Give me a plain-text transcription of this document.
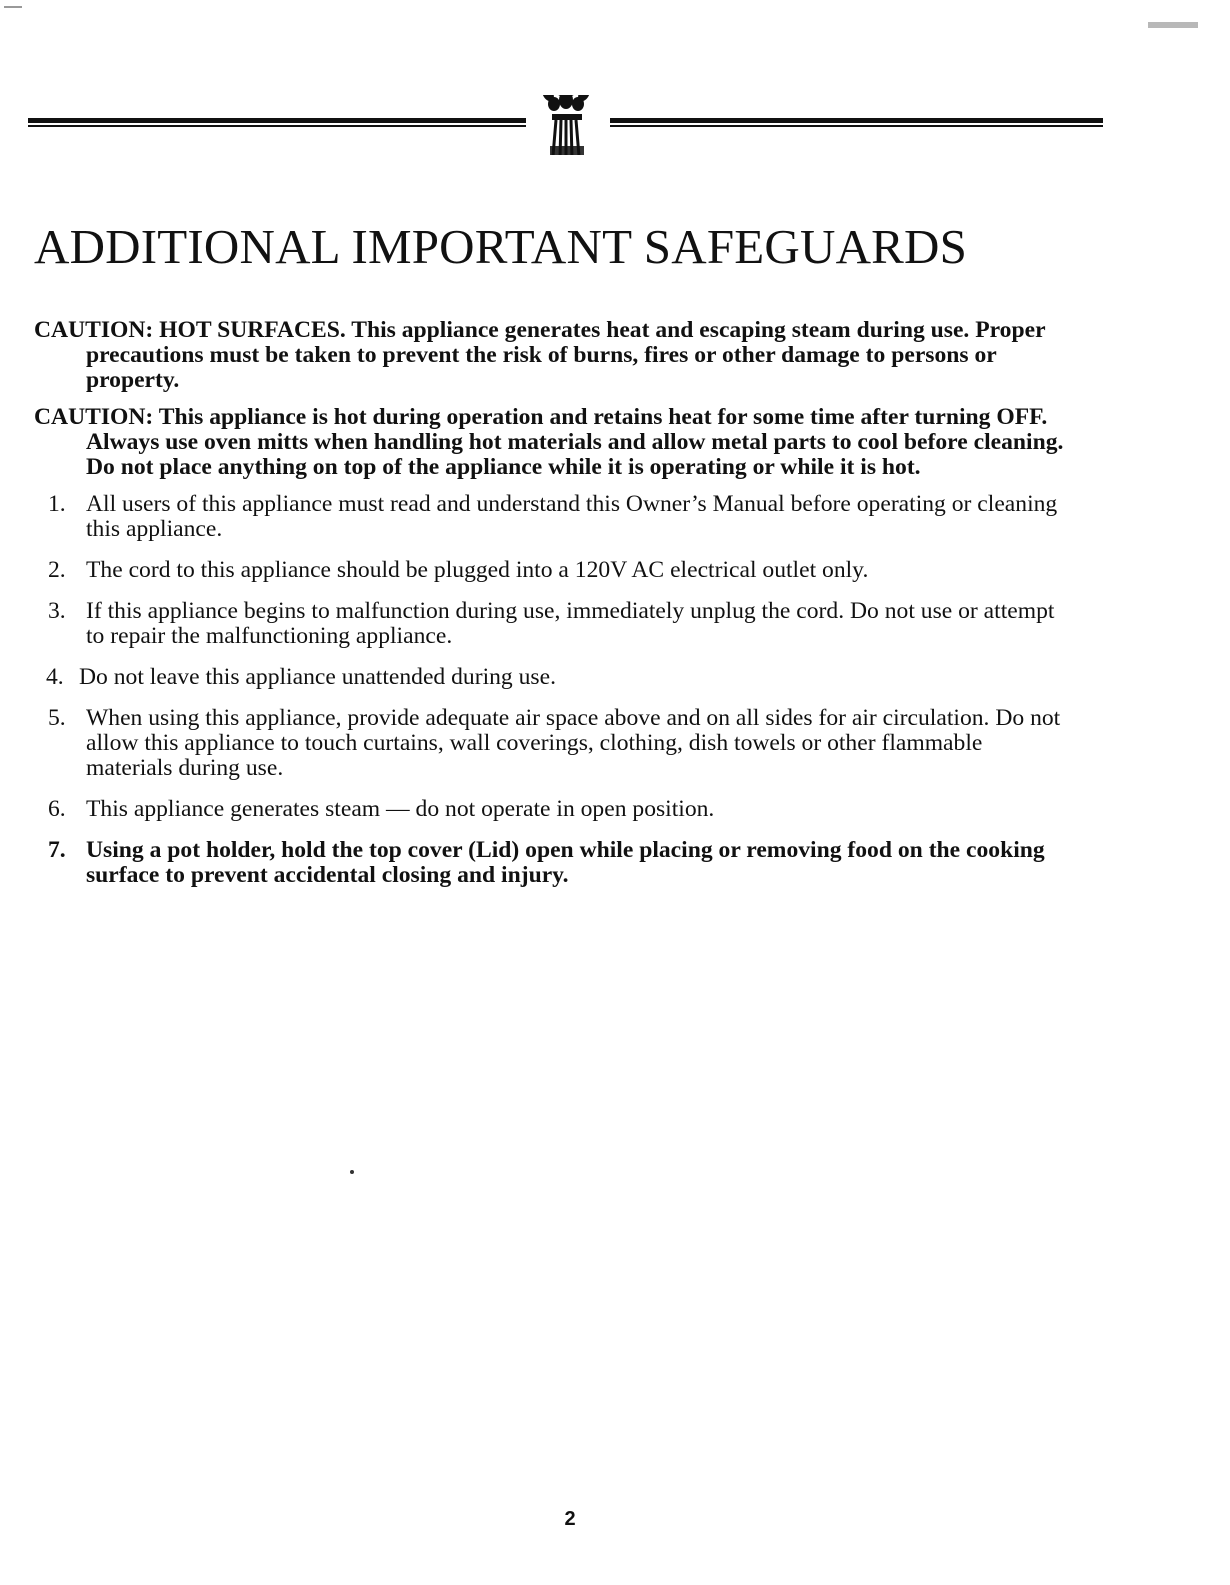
ADDITIONAL IMPORTANT SAFEGUARDS

CAUTION: HOT SURFACES. This appliance generates heat and escaping steam during use. Proper precautions must be taken to prevent the risk of burns, fires or other damage to persons or property.

CAUTION: This appliance is hot during operation and retains heat for some time after turning OFF. Always use oven mitts when handling hot materials and allow metal parts to cool before cleaning. Do not place anything on top of the appliance while it is operating or while it is hot.

1. All users of this appliance must read and understand this Owner’s Manual before operating or cleaning this appliance.
2. The cord to this appliance should be plugged into a 120V AC electrical outlet only.
3. If this appliance begins to malfunction during use, immediately unplug the cord. Do not use or attempt to repair the malfunctioning appliance.
4. Do not leave this appliance unattended during use.
5. When using this appliance, provide adequate air space above and on all sides for air circulation. Do not allow this appliance to touch curtains, wall coverings, clothing, dish towels or other flammable materials during use.
6. This appliance generates steam — do not operate in open position.
7. Using a pot holder, hold the top cover (Lid) open while placing or removing food on the cooking surface to prevent accidental closing and injury.
2
